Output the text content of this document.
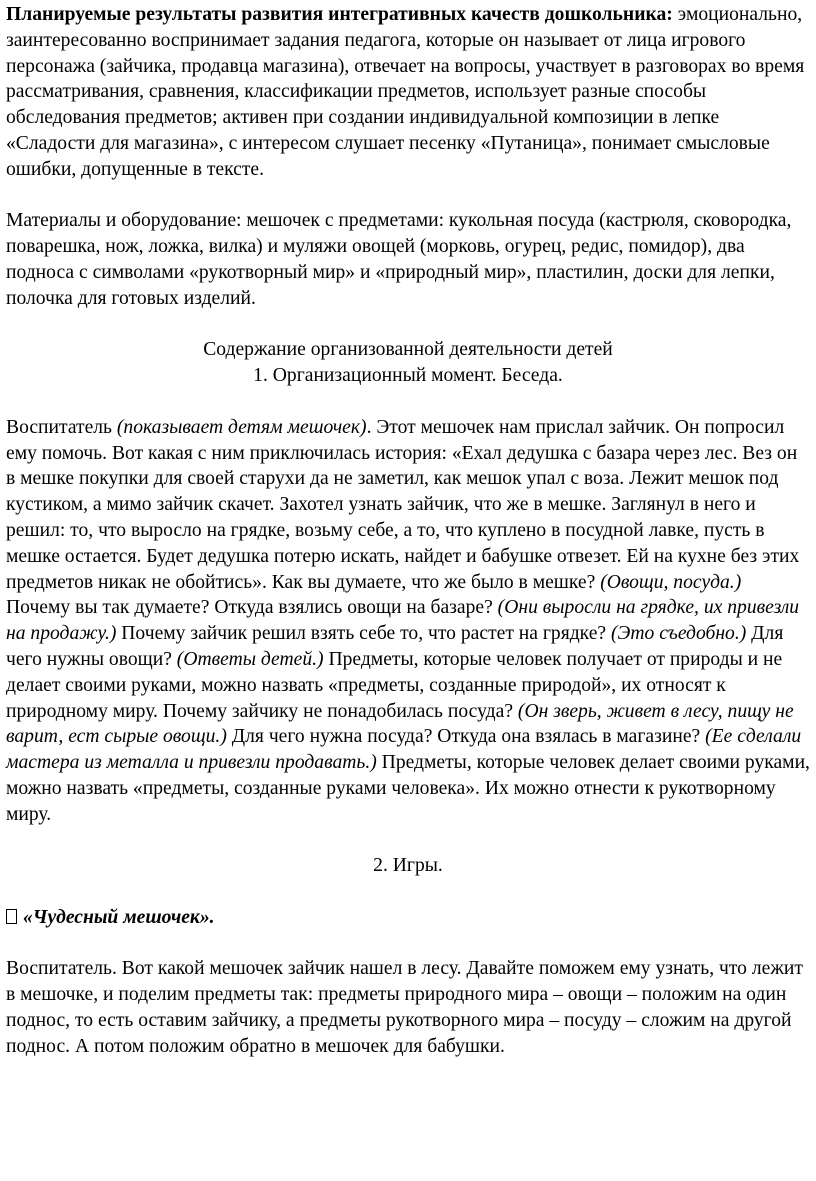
Планируемые результаты развития интегративных качеств дошкольника: эмоционально, заинтересованно воспринимает задания педагога, которые он называет от лица игрового персонажа (зайчика, продавца магазина), отвечает на вопросы, участвует в разговорах во время рассматривания, сравнения, классификации предметов, использует разные способы обследования предметов; активен при создании индивидуальной композиции в лепке «Сладости для магазина», с интересом слушает песенку «Путаница», понимает смысловые ошибки, допущенные в тексте.

Материалы и оборудование: мешочек с предметами: кукольная посуда (кастрюля, сковородка, поварешка, нож, ложка, вилка) и муляжи овощей (морковь, огурец, редис, помидор), два подноса с символами «рукотворный мир» и «природный мир», пластилин, доски для лепки, полочка для готовых изделий.

Содержание организованной деятельности детей

1. Организационный момент. Беседа.

Воспитатель (показывает детям мешочек). Этот мешочек нам прислал зайчик. Он попросил ему помочь. Вот какая с ним приключилась история: «Ехал дедушка с базара через лес. Вез он в мешке покупки для своей старухи да не заметил, как мешок упал с воза. Лежит мешок под кустиком, а мимо зайчик скачет. Захотел узнать зайчик, что же в мешке. Заглянул в него и решил: то, что выросло на грядке, возьму себе, а то, что куплено в посудной лавке, пусть в мешке остается. Будет дедушка потерю искать, найдет и бабушке отвезет. Ей на кухне без этих предметов никак не обойтись». Как вы думаете, что же было в мешке? (Овощи, посуда.) Почему вы так думаете? Откуда взялись овощи на базаре? (Они выросли на грядке, их привезли на продажу.) Почему зайчик решил взять себе то, что растет на грядке? (Это съедобно.) Для чего нужны овощи? (Ответы детей.) Предметы, которые человек получает от природы и не делает своими руками, можно назвать «предметы, созданные природой», их относят к природному миру. Почему зайчику не понадобилась посуда? (Он зверь, живет в лесу, пищу не варит, ест сырые овощи.) Для чего нужна посуда? Откуда она взялась в магазине? (Ее сделали мастера из металла и привезли продавать.) Предметы, которые человек делает своими руками, можно назвать «предметы, созданные руками человека». Их можно отнести к рукотворному миру.

2. Игры.

«Чудесный мешочек».

Воспитатель. Вот какой мешочек зайчик нашел в лесу. Давайте поможем ему узнать, что лежит в мешочке, и поделим предметы так: предметы природного мира – овощи – положим на один поднос, то есть оставим зайчику, а предметы рукотворного мира – посуду – сложим на другой поднос. А потом положим обратно в мешочек для бабушки.
